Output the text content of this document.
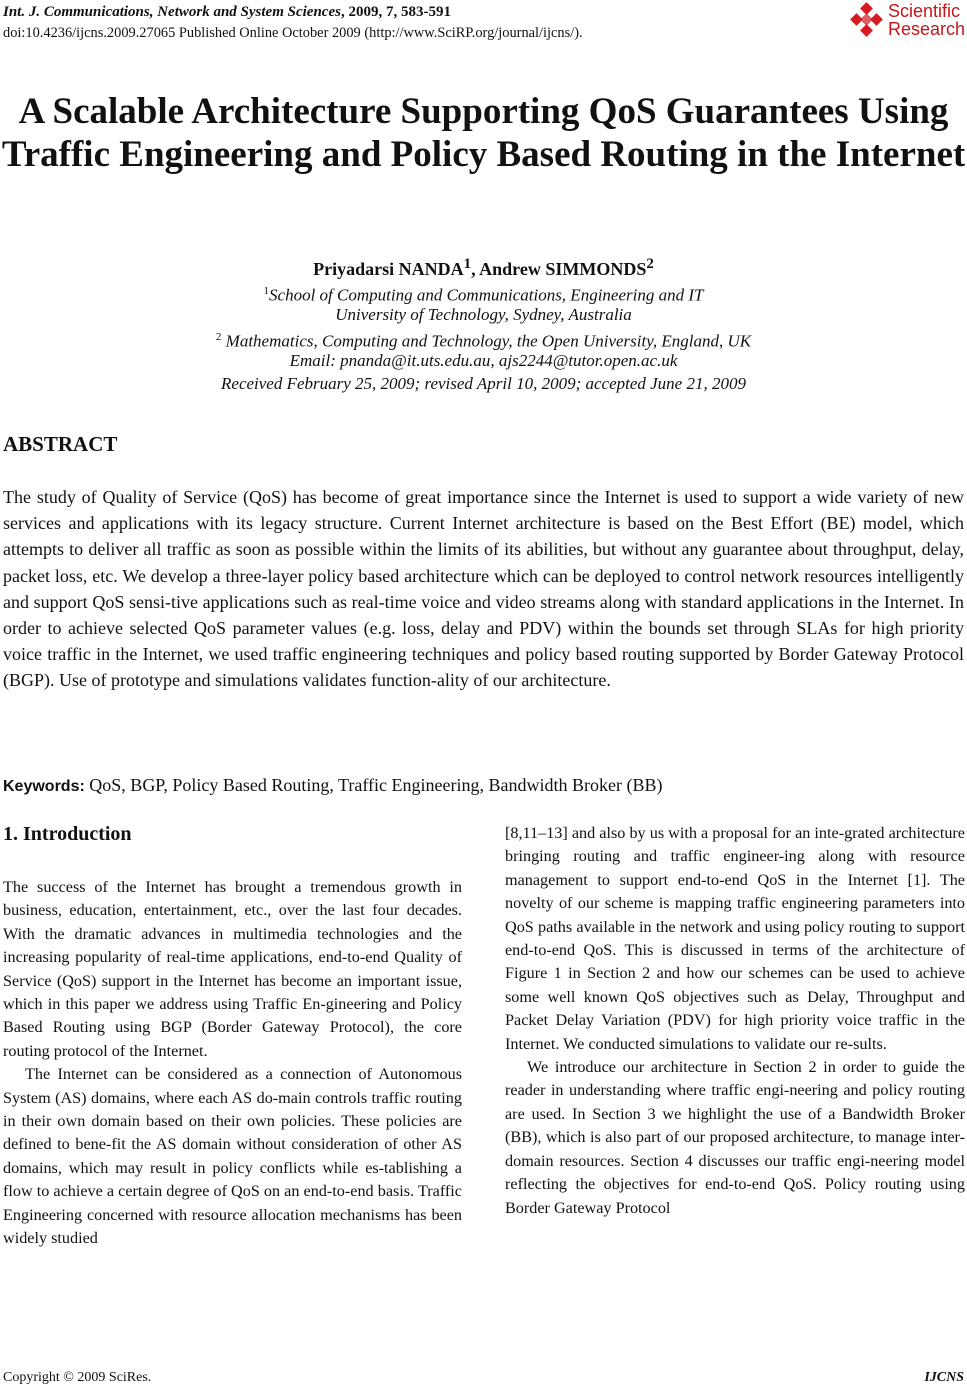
Int. J. Communications, Network and System Sciences, 2009, 7, 583-591
doi:10.4236/ijcns.2009.27065 Published Online October 2009 (http://www.SciRP.org/journal/ijcns/).
Scientific
Research
A Scalable Architecture Supporting QoS Guarantees Using Traffic Engineering and Policy Based Routing in the Internet
Priyadarsi NANDA$^1$, Andrew SIMMONDS$^2$
$^1$School of Computing and Communications, Engineering and IT
University of Technology, Sydney, Australia
$^2$ Mathematics, Computing and Technology, the Open University, England, UK
Email: pnanda@it.uts.edu.au, ajs2244@tutor.open.ac.uk
Received February 25, 2009; revised April 10, 2009; accepted June 21, 2009
ABSTRACT
The study of Quality of Service (QoS) has become of great importance since the Internet is used to support a wide variety of new services and applications with its legacy structure. Current Internet architecture is based on the Best Effort (BE) model, which attempts to deliver all traffic as soon as possible within the limits of its abilities, but without any guarantee about throughput, delay, packet loss, etc. We develop a three-layer policy based architecture which can be deployed to control network resources intelligently and support QoS sensi-tive applications such as real-time voice and video streams along with standard applications in the Internet. In order to achieve selected QoS parameter values (e.g. loss, delay and PDV) within the bounds set through SLAs for high priority voice traffic in the Internet, we used traffic engineering techniques and policy based routing supported by Border Gateway Protocol (BGP). Use of prototype and simulations validates function-ality of our architecture.
Keywords: QoS, BGP, Policy Based Routing, Traffic Engineering, Bandwidth Broker (BB)
1. Introduction

The success of the Internet has brought a tremendous growth in business, education, entertainment, etc., over the last four decades. With the dramatic advances in multimedia technologies and the increasing popularity of real-time applications, end-to-end Quality of Service (QoS) support in the Internet has become an important issue, which in this paper we address using Traffic En-gineering and Policy Based Routing using BGP (Border Gateway Protocol), the core routing protocol of the Internet.

The Internet can be considered as a connection of Autonomous System (AS) domains, where each AS do-main controls traffic routing in their own domain based on their own policies. These policies are defined to bene-fit the AS domain without consideration of other AS domains, which may result in policy conflicts while es-tablishing a flow to achieve a certain degree of QoS on an end-to-end basis. Traffic Engineering concerned with resource allocation mechanisms has been widely studied

[8,11–13] and also by us with a proposal for an inte-grated architecture bringing routing and traffic engineer-ing along with resource management to support end-to-end QoS in the Internet [1]. The novelty of our scheme is mapping traffic engineering parameters into QoS paths available in the network and using policy routing to support end-to-end QoS. This is discussed in terms of the architecture of Figure 1 in Section 2 and how our schemes can be used to achieve some well known QoS objectives such as Delay, Throughput and Packet Delay Variation (PDV) for high priority voice traffic in the Internet. We conducted simulations to validate our re-sults.

We introduce our architecture in Section 2 in order to guide the reader in understanding where traffic engi-neering and policy routing are used. In Section 3 we highlight the use of a Bandwidth Broker (BB), which is also part of our proposed architecture, to manage inter-domain resources. Section 4 discusses our traffic engi-neering model reflecting the objectives for end-to-end QoS. Policy routing using Border Gateway Protocol

Copyright © 2009 SciRes.	IJCNS
